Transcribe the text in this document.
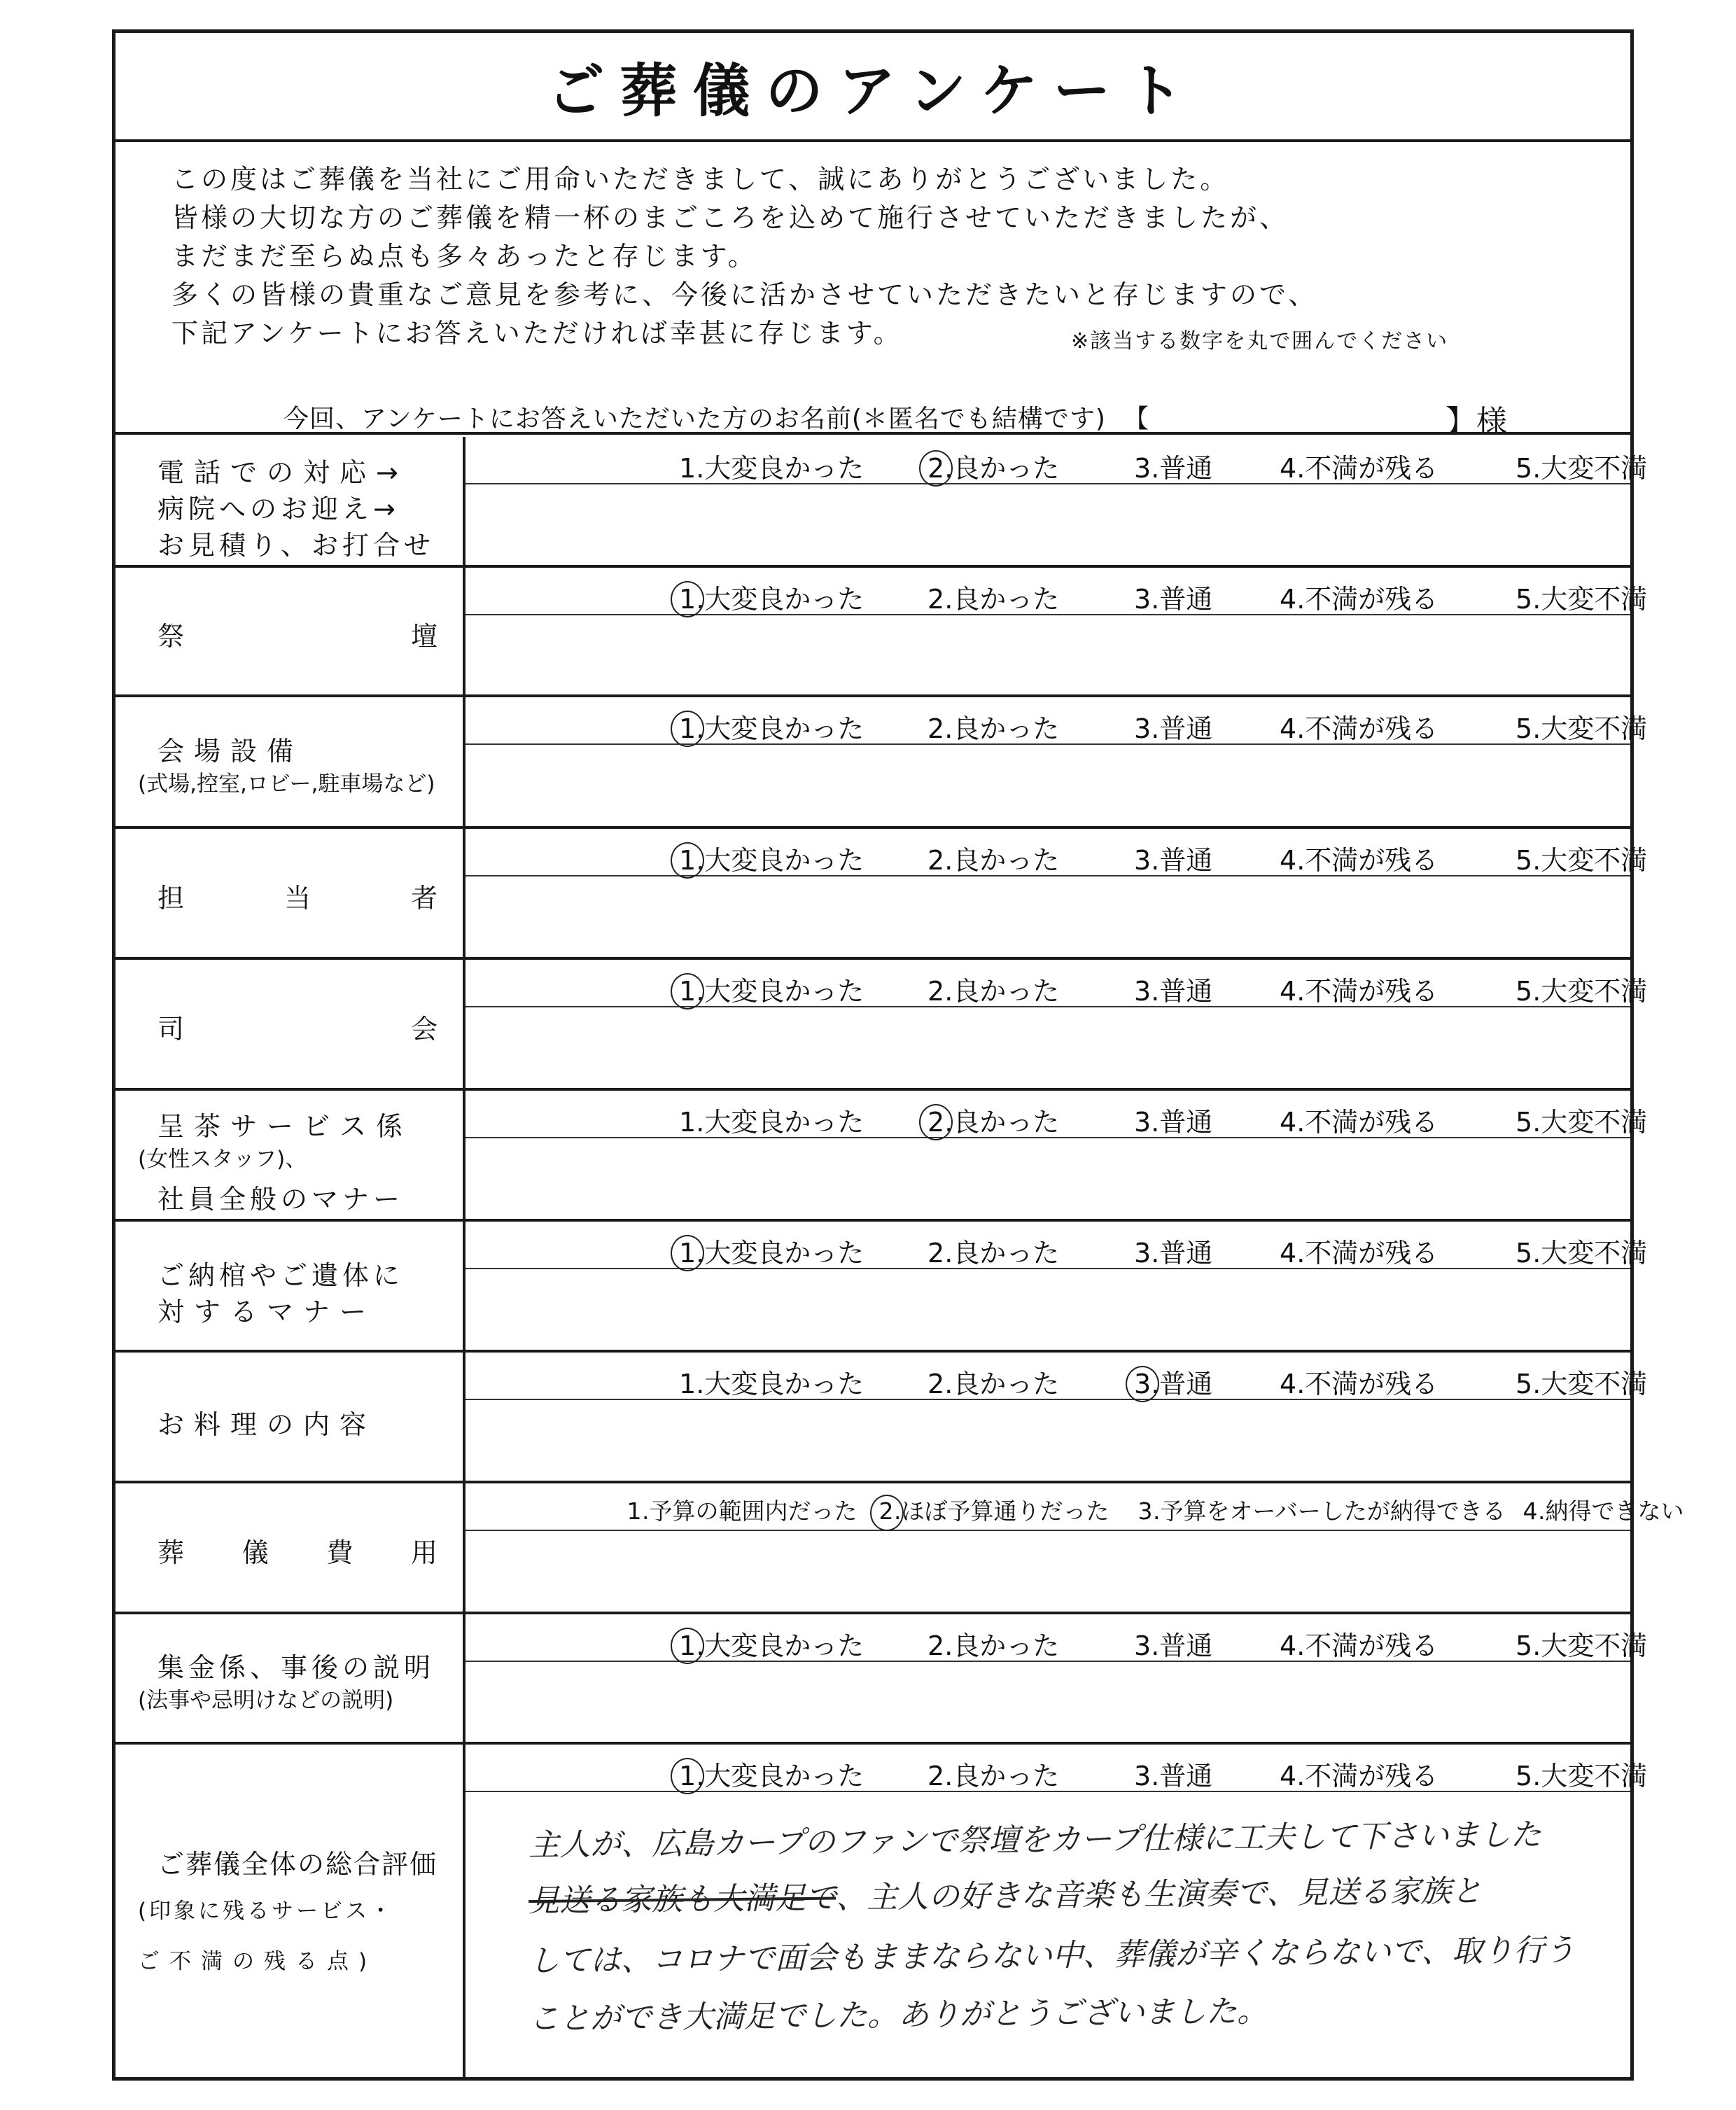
ご葬儀のアンケート
この度はご葬儀を当社にご用命いただきまして、誠にありがとうございました。
皆様の大切な方のご葬儀を精一杯のまごころを込めて施行させていただきましたが、
まだまだ至らぬ点も多々あったと存じます。
多くの皆様の貴重なご意見を参考に、今後に活かさせていただきたいと存じますので、
下記アンケートにお答えいただければ幸甚に存じます。	※該当する数字を丸で囲んでください
今回、アンケートにお答えいただいた方のお名前(＊匿名でも結構です) 【	】様
電話での対応→
病院へのお迎え→
お見積り、お打合せ
1.大変良かった 2.良かった	3.普通	4.不満が残る	5.大変不満
祭	壇
1.大変良かった 2.良かった	3.普通	4.不満が残る	5.大変不満
会場設備
(式場,控室,ロビー,駐車場など)
1.大変良かった 2.良かった	3.普通	4.不満が残る	5.大変不満
担	当	者
1.大変良かった 2.良かった	3.普通	4.不満が残る	5.大変不満
司	会
1.大変良かった 2.良かった	3.普通	4.不満が残る	5.大変不満
呈茶サービス係
(女性スタッフ)、
社員全般のマナー
1.大変良かった 2.良かった	3.普通	4.不満が残る	5.大変不満
ご納棺やご遺体に
対するマナー
1.大変良かった 2.良かった	3.普通	4.不満が残る	5.大変不満
お料理の内容
1.大変良かった 2.良かった	3.普通	4.不満が残る	5.大変不満
葬 儀 費 用
1.予算の範囲内だった 2.ほぼ予算通りだった 3.予算をオーバーしたが納得できる 4.納得できない
集金係、事後の説明
(法事や忌明けなどの説明)
1.大変良かった 2.良かった	3.普通	4.不満が残る	5.大変不満
ご葬儀全体の総合評価
(印象に残るサービス・
ご不満の残る点)
1.大変良かった 2.良かった	3.普通	4.不満が残る	5.大変不満
主人が、広島カープのファンで祭壇をカープ仕様に工夫して下さいました
見送る家族も大満足で、主人の好きな音楽も生演奏で、見送る家族と
しては、コロナで面会もままならない中、葬儀が辛くならないで、取り行う
ことができ大満足でした。ありがとうございました。
